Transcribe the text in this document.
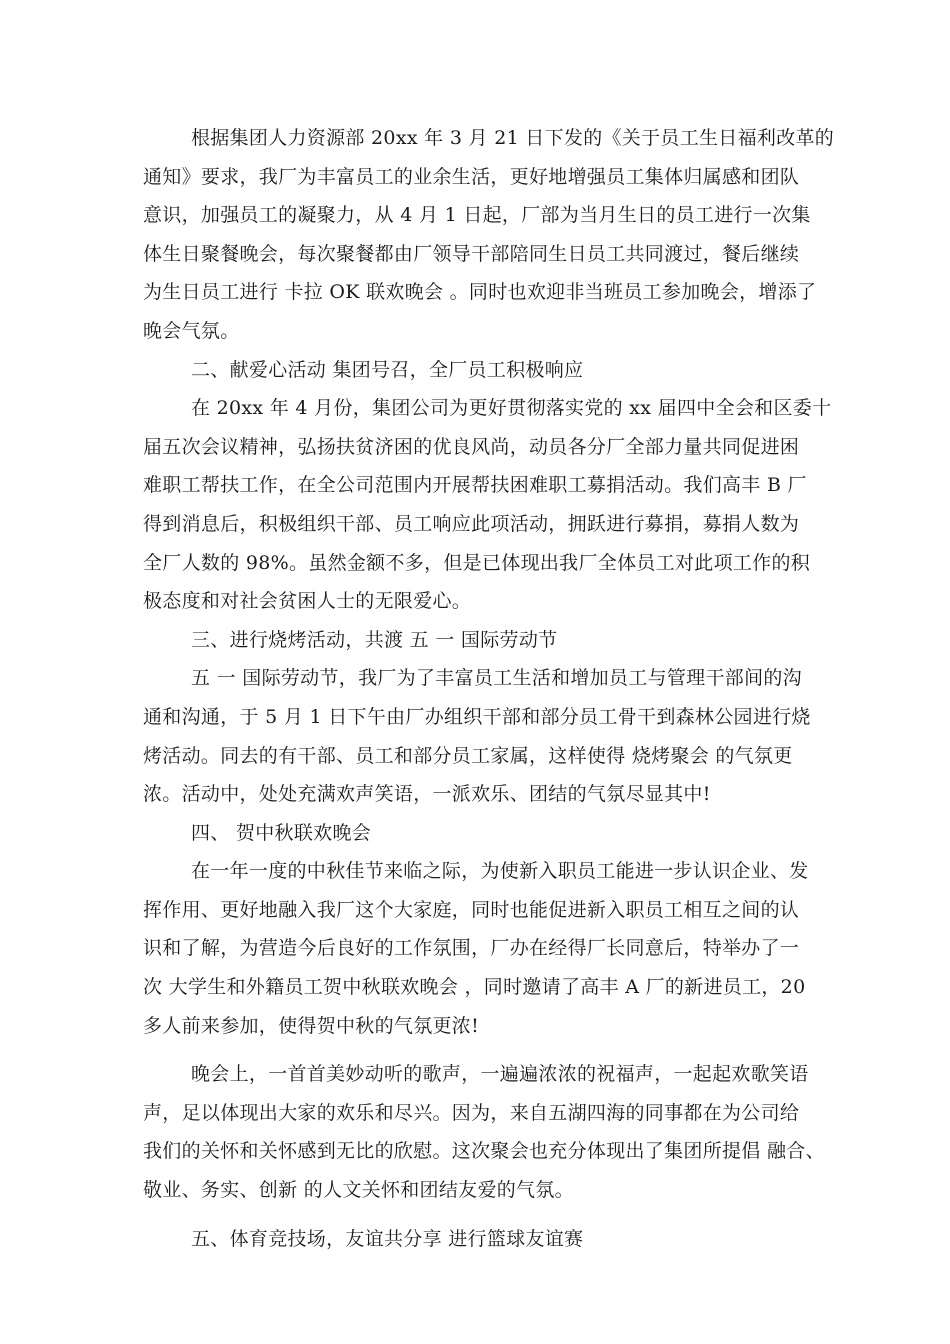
根据集团人力资源部 20xx 年 3 月 21 日下发的《关于员工生日福利改革的
通知》要求，我厂为丰富员工的业余生活，更好地增强员工集体归属感和团队
意识，加强员工的凝聚力，从 4 月 1 日起，厂部为当月生日的员工进行一次集
体生日聚餐晚会，每次聚餐都由厂领导干部陪同生日员工共同渡过，餐后继续
为生日员工进行 卡拉 OK 联欢晚会 。同时也欢迎非当班员工参加晚会，增添了
晚会气氛。
二、献爱心活动 集团号召，全厂员工积极响应
在 20xx 年 4 月份，集团公司为更好贯彻落实党的 xx 届四中全会和区委十
届五次会议精神，弘扬扶贫济困的优良风尚，动员各分厂全部力量共同促进困
难职工帮扶工作，在全公司范围内开展帮扶困难职工募捐活动。我们高丰 B 厂
得到消息后，积极组织干部、员工响应此项活动，拥跃进行募捐，募捐人数为
全厂人数的 98%。虽然金额不多，但是已体现出我厂全体员工对此项工作的积
极态度和对社会贫困人士的无限爱心。
三、进行烧烤活动，共渡 五 一 国际劳动节
五 一 国际劳动节，我厂为了丰富员工生活和增加员工与管理干部间的沟
通和沟通，于 5 月 1 日下午由厂办组织干部和部分员工骨干到森林公园进行烧
烤活动。同去的有干部、员工和部分员工家属，这样使得 烧烤聚会 的气氛更
浓。活动中，处处充满欢声笑语，一派欢乐、团结的气氛尽显其中!
四、 贺中秋联欢晚会
在一年一度的中秋佳节来临之际，为使新入职员工能进一步认识企业、发
挥作用、更好地融入我厂这个大家庭，同时也能促进新入职员工相互之间的认
识和了解，为营造今后良好的工作氛围，厂办在经得厂长同意后，特举办了一
次 大学生和外籍员工贺中秋联欢晚会 ，同时邀请了高丰 A 厂的新进员工，20
多人前来参加，使得贺中秋的气氛更浓!
晚会上，一首首美妙动听的歌声，一遍遍浓浓的祝福声，一起起欢歌笑语
声，足以体现出大家的欢乐和尽兴。因为，来自五湖四海的同事都在为公司给
我们的关怀和关怀感到无比的欣慰。这次聚会也充分体现出了集团所提倡 融合、
敬业、务实、创新 的人文关怀和团结友爱的气氛。
五、体育竞技场，友谊共分享 进行篮球友谊赛
